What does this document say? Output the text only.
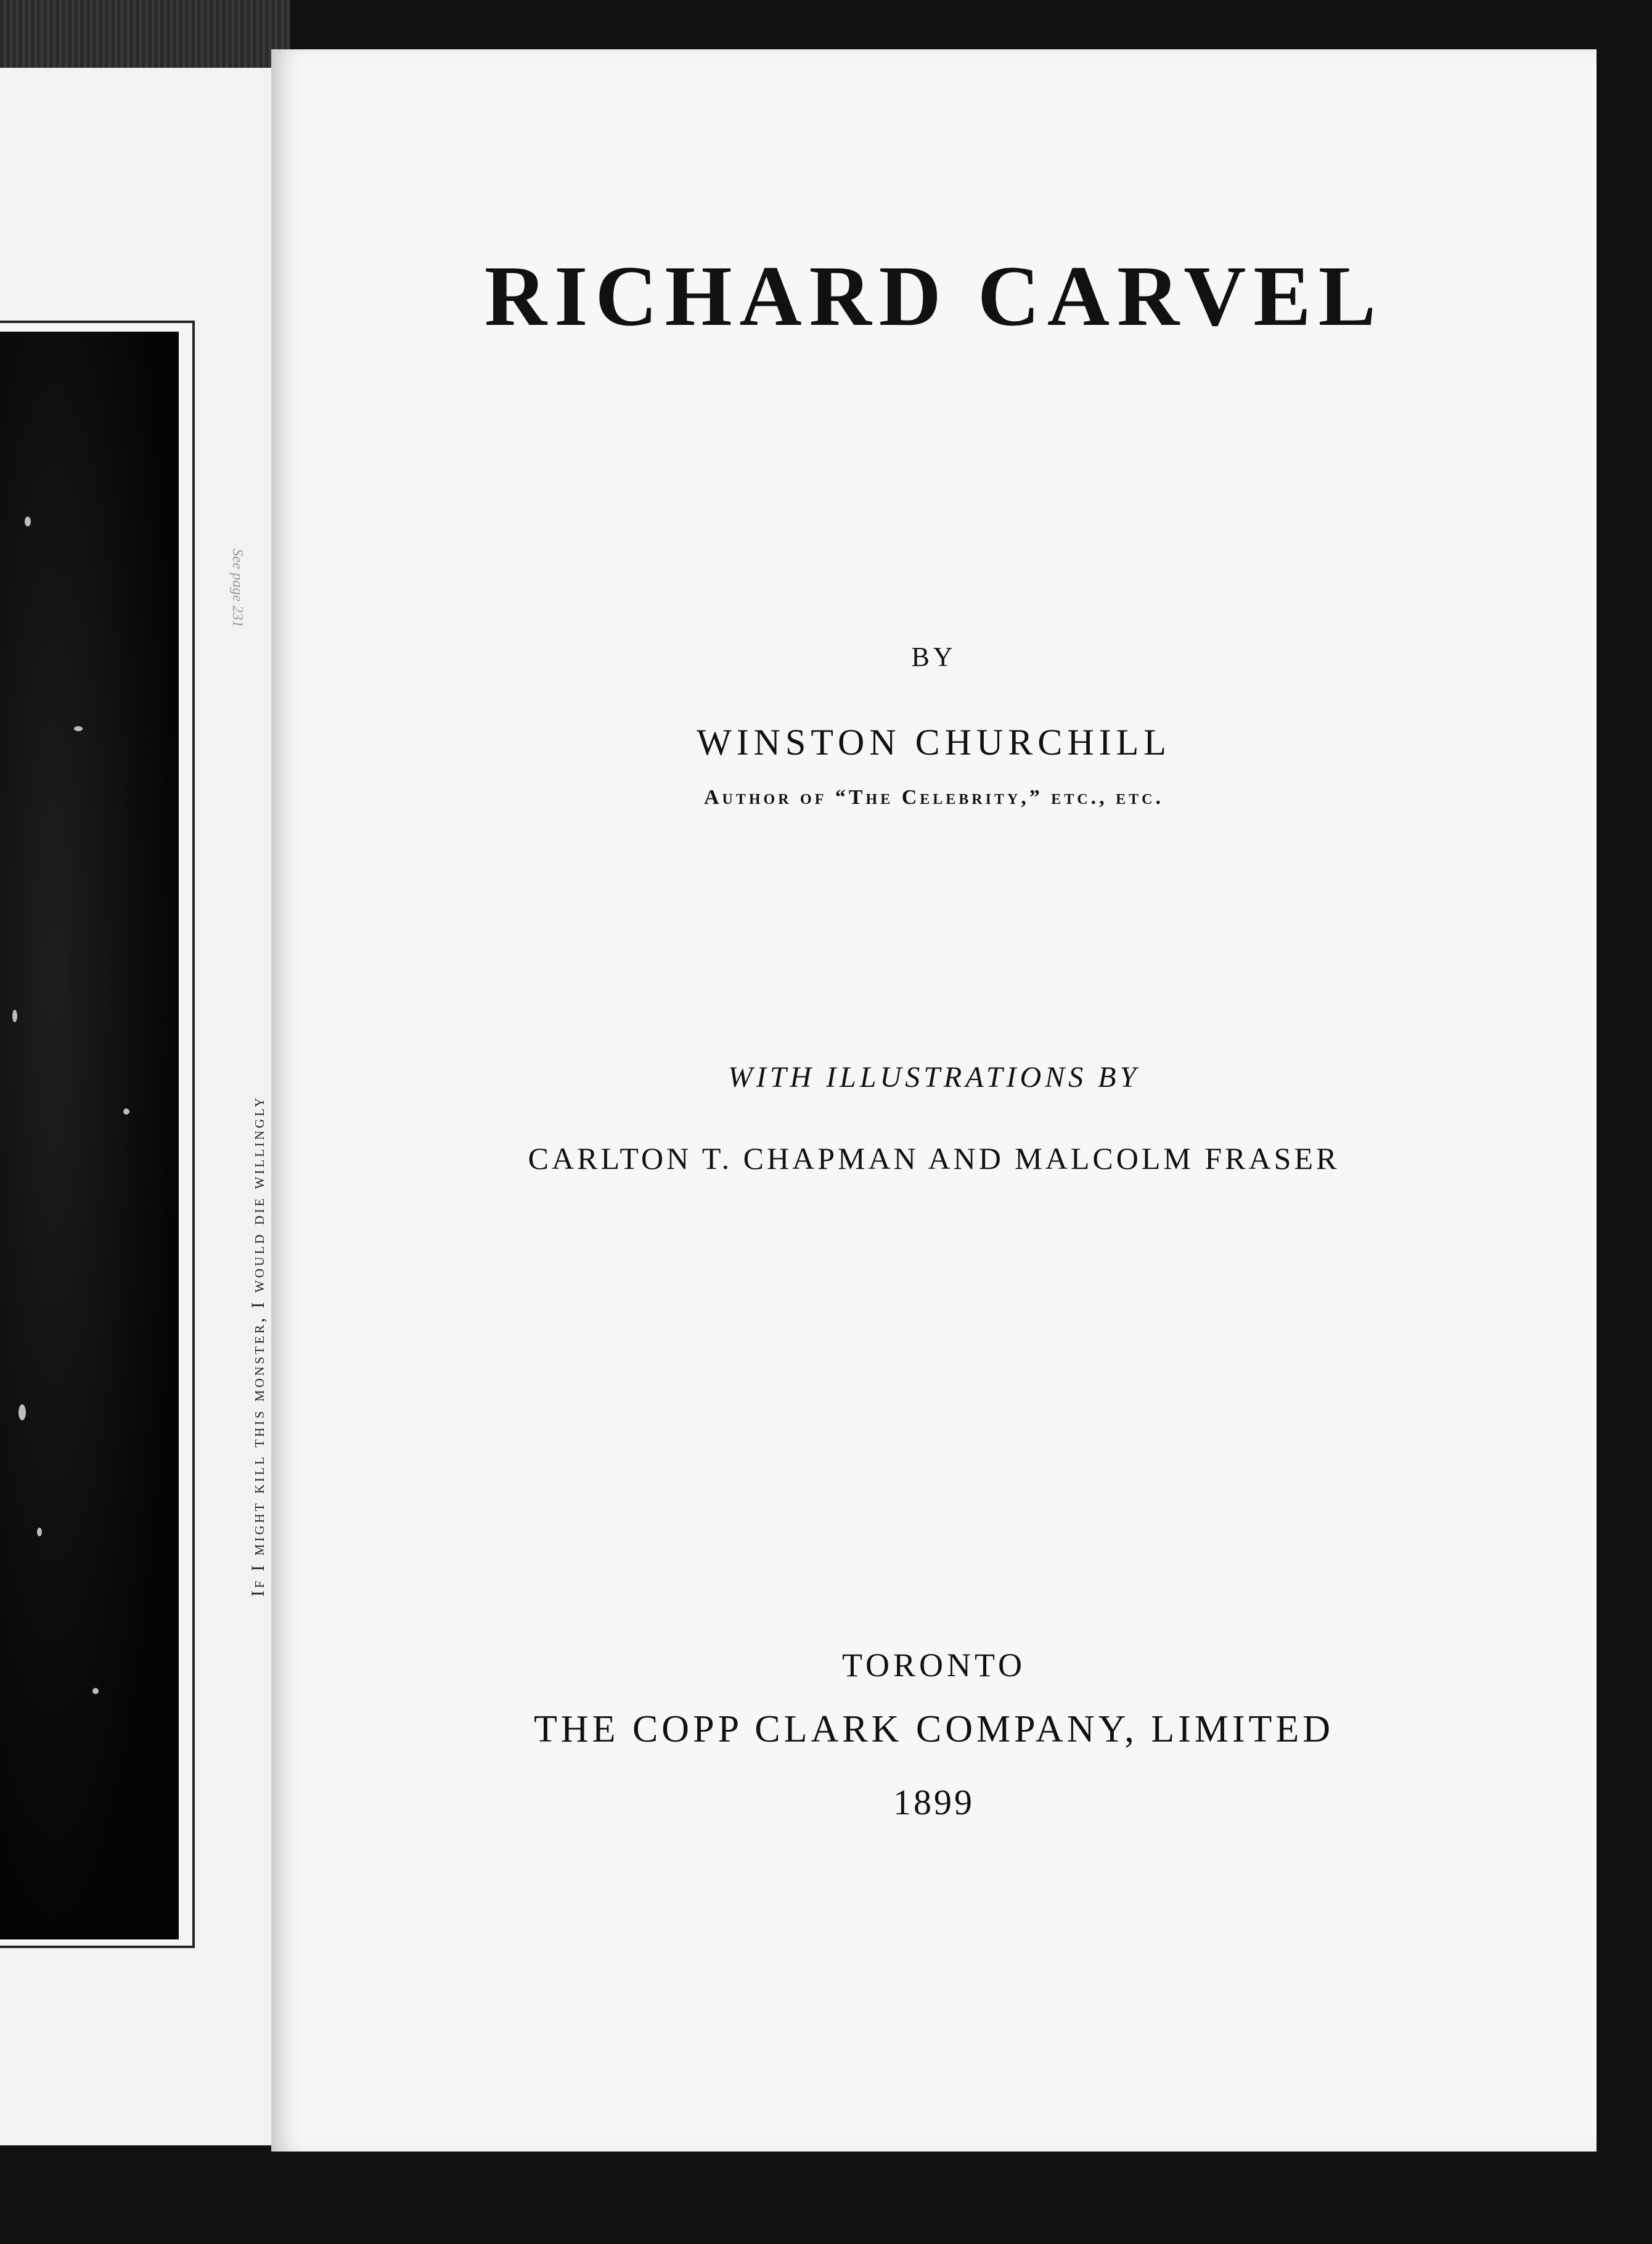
See page 231
If I might kill this monster, I would die willingly
RICHARD CARVEL
BY
WINSTON CHURCHILL
Author of “The Celebrity,” etc., etc.
WITH ILLUSTRATIONS BY
CARLTON T. CHAPMAN AND MALCOLM FRASER
TORONTO
THE COPP CLARK COMPANY, LIMITED
1899
